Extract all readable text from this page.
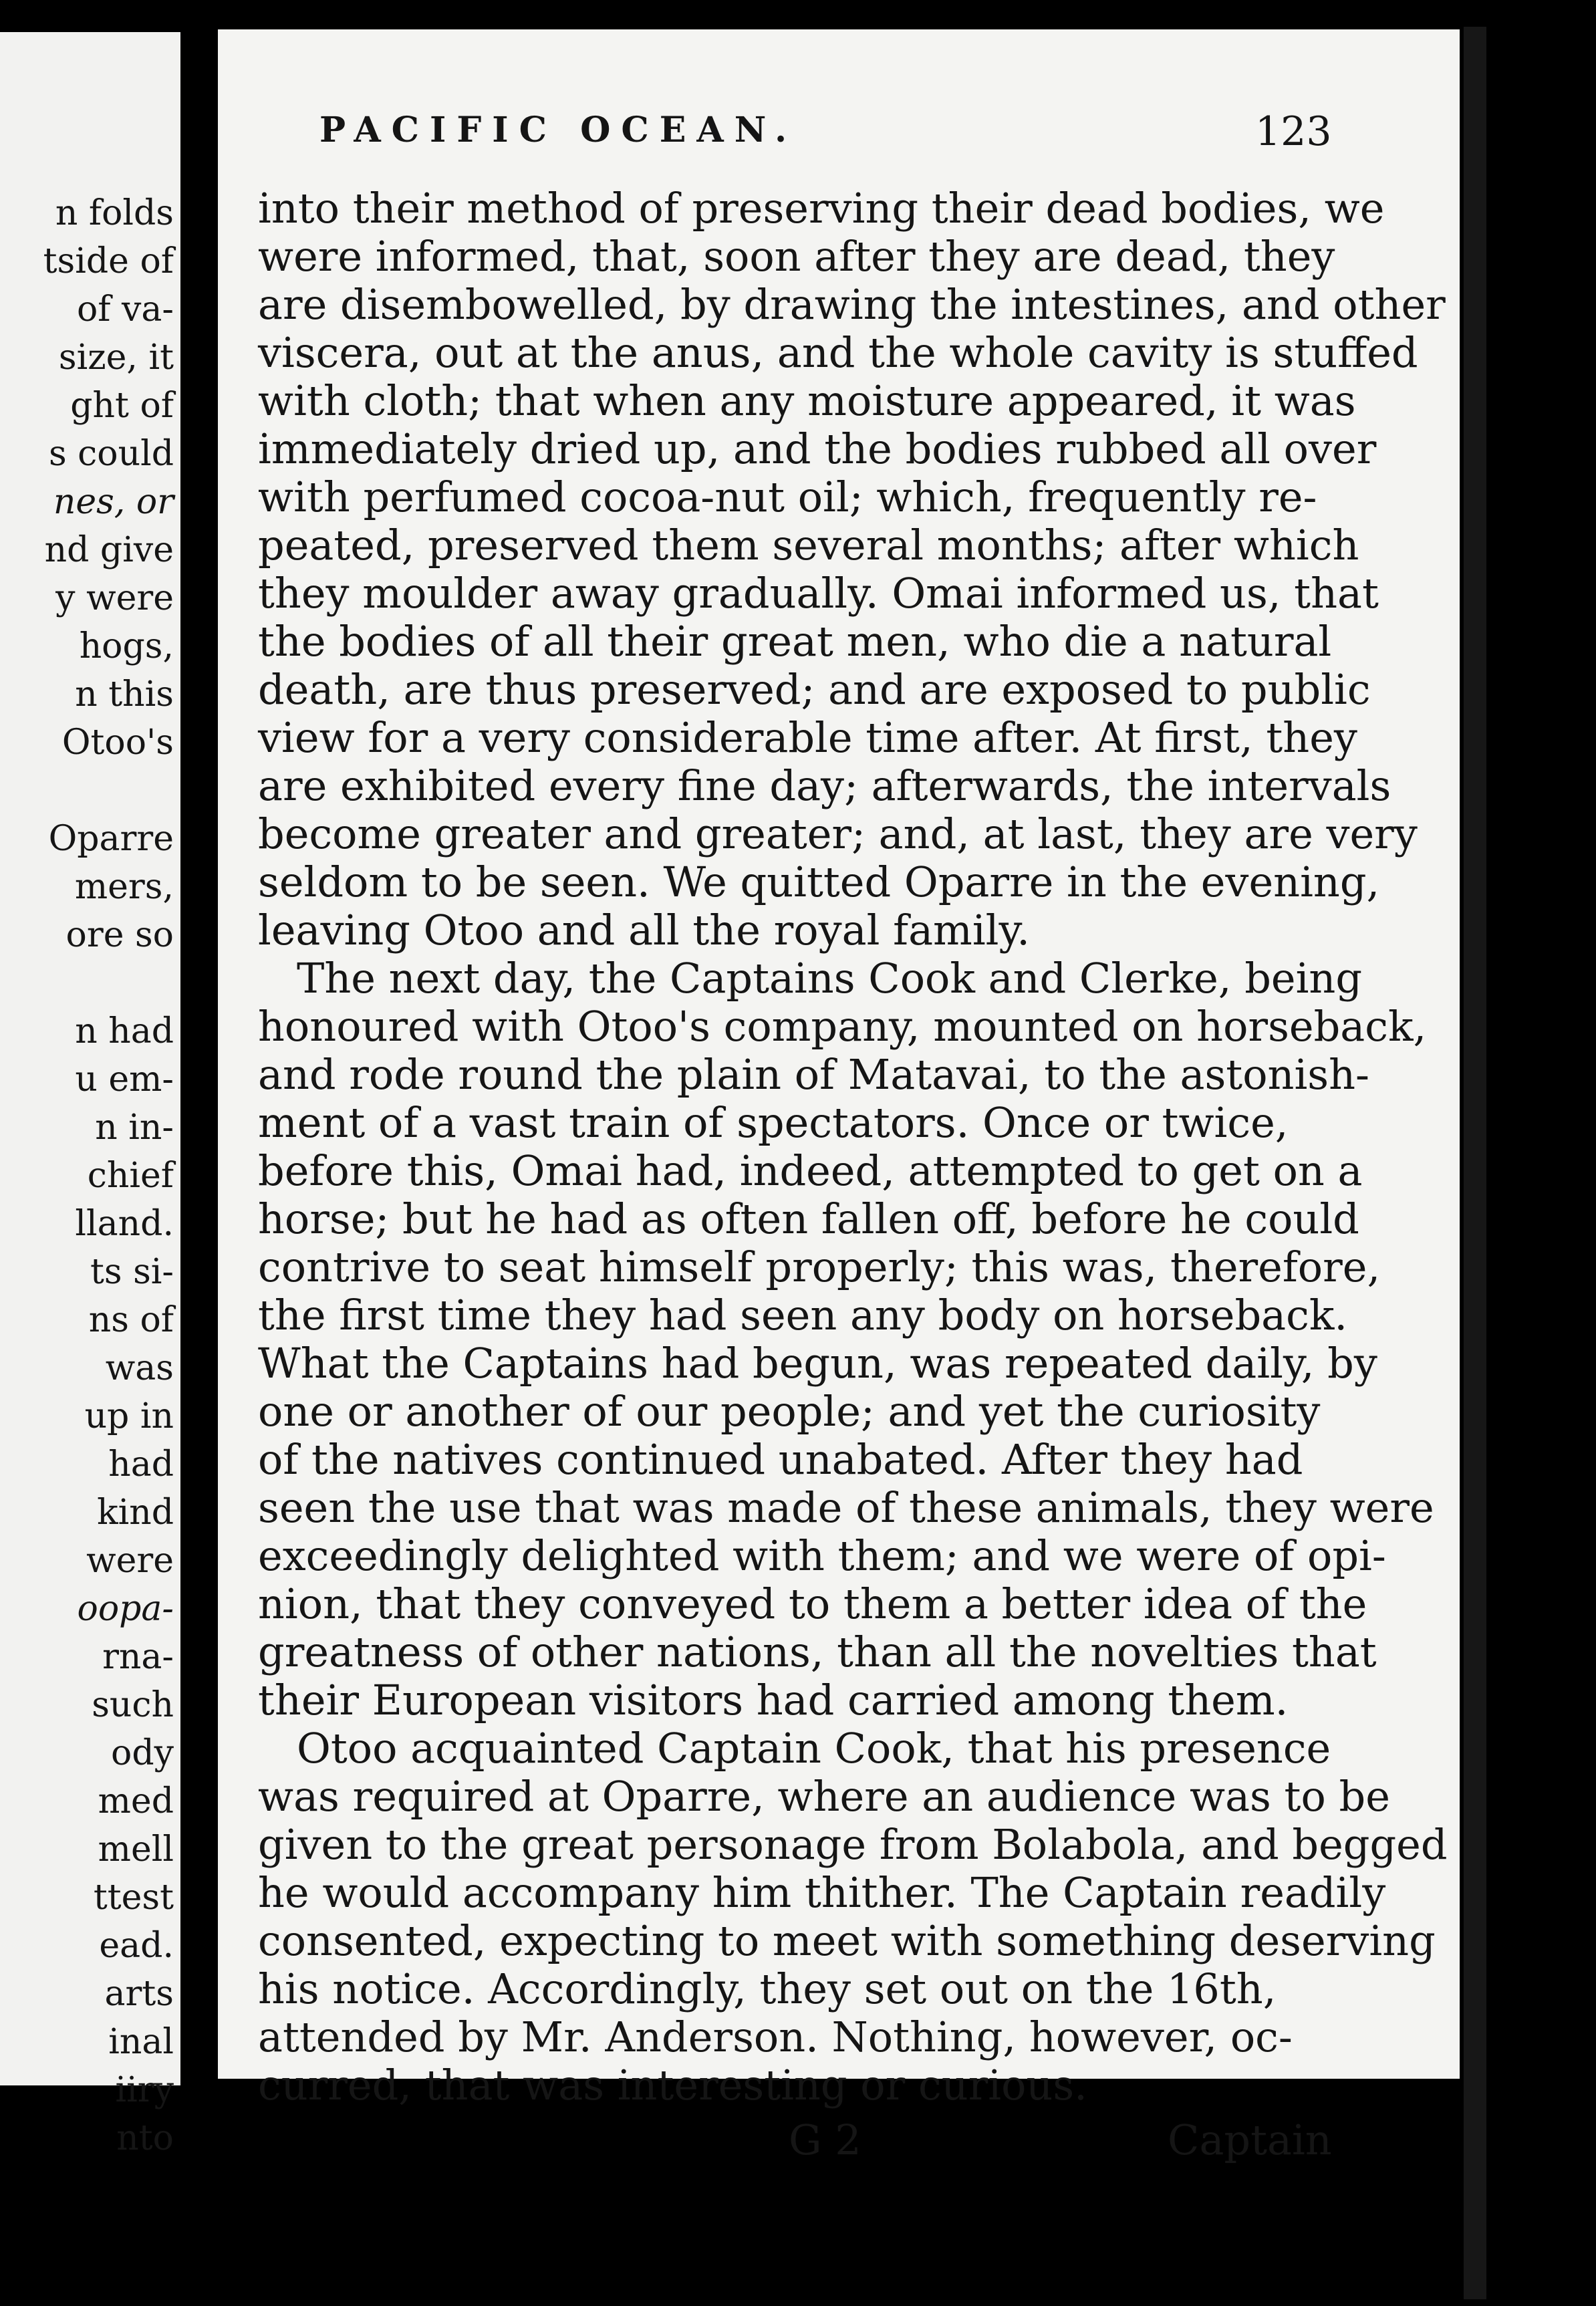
n folds
tside of
of va-
size, it
ght of
s could
nes, or
nd give
y were
hogs,
n this
Otoo's
Oparre
mers,
ore so
n had
u em-
n in-
chief
lland.
ts si-
ns of
was
up in
had
kind
were
oopa-
rna-
such
ody
med
mell
ttest
ead.
arts
inal
iiry
nto
PACIFIC OCEAN.	123
into their method of preserving their dead bodies, we
were informed, that, soon after they are dead, they
are disembowelled, by drawing the intestines, and other
viscera, out at the anus, and the whole cavity is stuffed
with cloth; that when any moisture appeared, it was
immediately dried up, and the bodies rubbed all over
with perfumed cocoa-nut oil; which, frequently re-
peated, preserved them several months; after which
they moulder away gradually. Omai informed us, that
the bodies of all their great men, who die a natural
death, are thus preserved; and are exposed to public
view for a very considerable time after. At first, they
are exhibited every fine day; afterwards, the intervals
become greater and greater; and, at last, they are very
seldom to be seen. We quitted Oparre in the evening,
leaving Otoo and all the royal family.
The next day, the Captains Cook and Clerke, being
honoured with Otoo's company, mounted on horseback,
and rode round the plain of Matavai, to the astonish-
ment of a vast train of spectators. Once or twice,
before this, Omai had, indeed, attempted to get on a
horse; but he had as often fallen off, before he could
contrive to seat himself properly; this was, therefore,
the first time they had seen any body on horseback.
What the Captains had begun, was repeated daily, by
one or another of our people; and yet the curiosity
of the natives continued unabated. After they had
seen the use that was made of these animals, they were
exceedingly delighted with them; and we were of opi-
nion, that they conveyed to them a better idea of the
greatness of other nations, than all the novelties that
their European visitors had carried among them.
Otoo acquainted Captain Cook, that his presence
was required at Oparre, where an audience was to be
given to the great personage from Bolabola, and begged
he would accompany him thither. The Captain readily
consented, expecting to meet with something deserving
his notice. Accordingly, they set out on the 16th,
attended by Mr. Anderson. Nothing, however, oc-
curred, that was interesting or curious.
G 2	Captain
